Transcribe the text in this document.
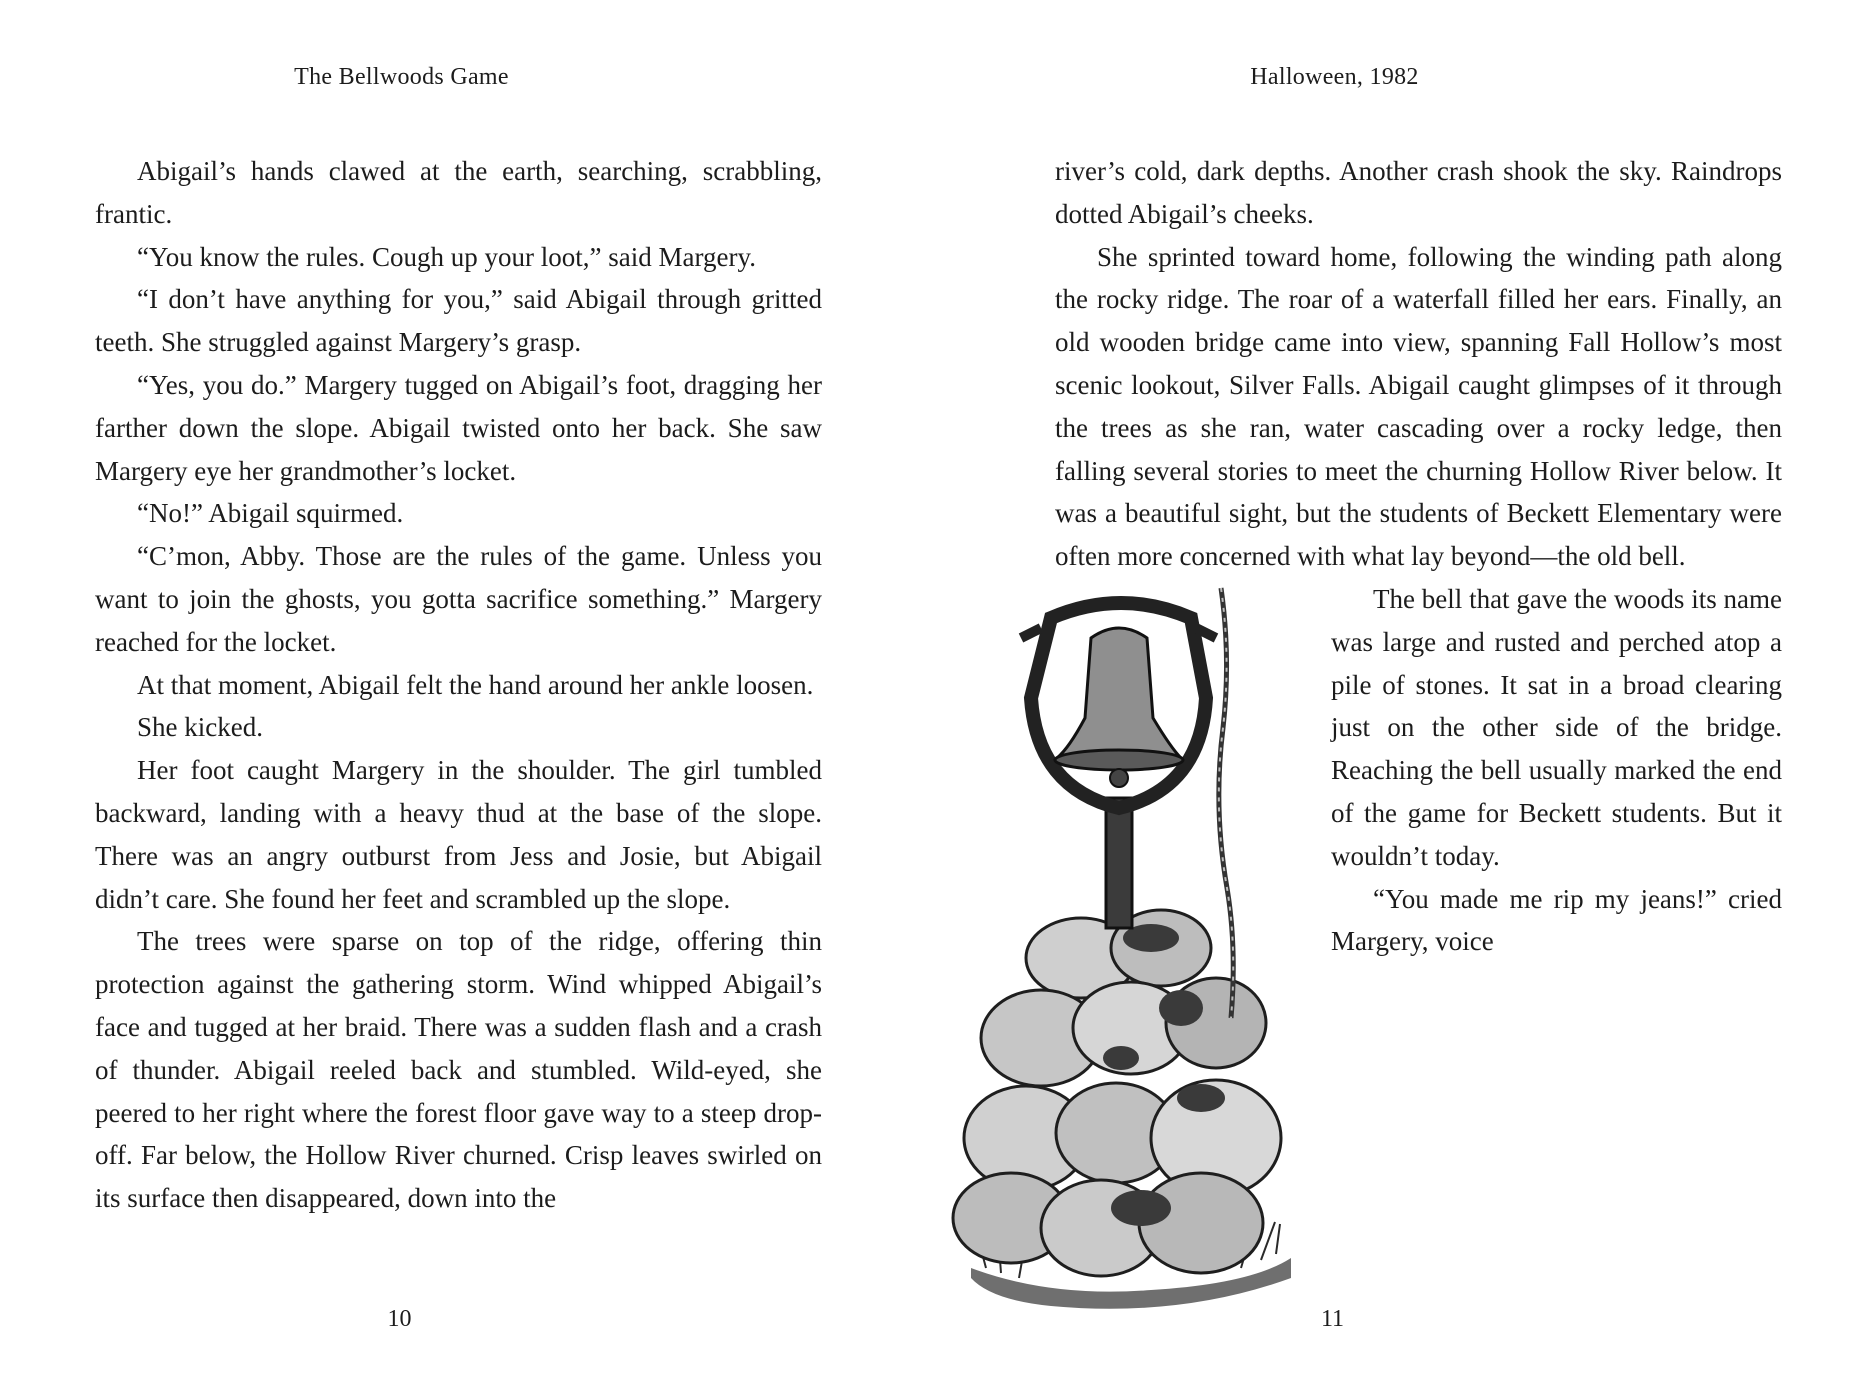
The Bellwoods Game

Abigail’s hands clawed at the earth, searching, scrabbling, frantic.

“You know the rules. Cough up your loot,” said Margery.

“I don’t have anything for you,” said Abigail through gritted teeth. She struggled against Margery’s grasp.

“Yes, you do.” Margery tugged on Abigail’s foot, dragging her farther down the slope. Abigail twisted onto her back. She saw Margery eye her grandmother’s locket.

“No!” Abigail squirmed.

“C’mon, Abby. Those are the rules of the game. Unless you want to join the ghosts, you gotta sacrifice something.” Margery reached for the locket.

At that moment, Abigail felt the hand around her ankle loosen.

She kicked.

Her foot caught Margery in the shoulder. The girl tumbled backward, landing with a heavy thud at the base of the slope. There was an angry outburst from Jess and Josie, but Abigail didn’t care. She found her feet and scrambled up the slope.

The trees were sparse on top of the ridge, offering thin protection against the gathering storm. Wind whipped Abigail’s face and tugged at her braid. There was a sudden flash and a crash of thunder. Abigail reeled back and stumbled. Wild-eyed, she peered to her right where the forest floor gave way to a steep drop-off. Far below, the Hollow River churned. Crisp leaves swirled on its surface then disappeared, down into the

10

Halloween, 1982

river’s cold, dark depths. Another crash shook the sky. Raindrops dotted Abigail’s cheeks.

She sprinted toward home, following the winding path along the rocky ridge. The roar of a waterfall filled her ears. Finally, an old wooden bridge came into view, spanning Fall Hollow’s most scenic lookout, Silver Falls. Abigail caught glimpses of it through the trees as she ran, water cascading over a rocky ledge, then falling several stories to meet the churning Hollow River below. It was a beautiful sight, but the students of Beckett Elementary were often more concerned with what lay beyond—the old bell.

The bell that gave the woods its name was large and rusted and perched atop a pile of stones. It sat in a broad clearing just on the other side of the bridge. Reaching the bell usually marked the end of the game for Beckett students. But it wouldn’t today.

“You made me rip my jeans!” cried Margery, voice

11
